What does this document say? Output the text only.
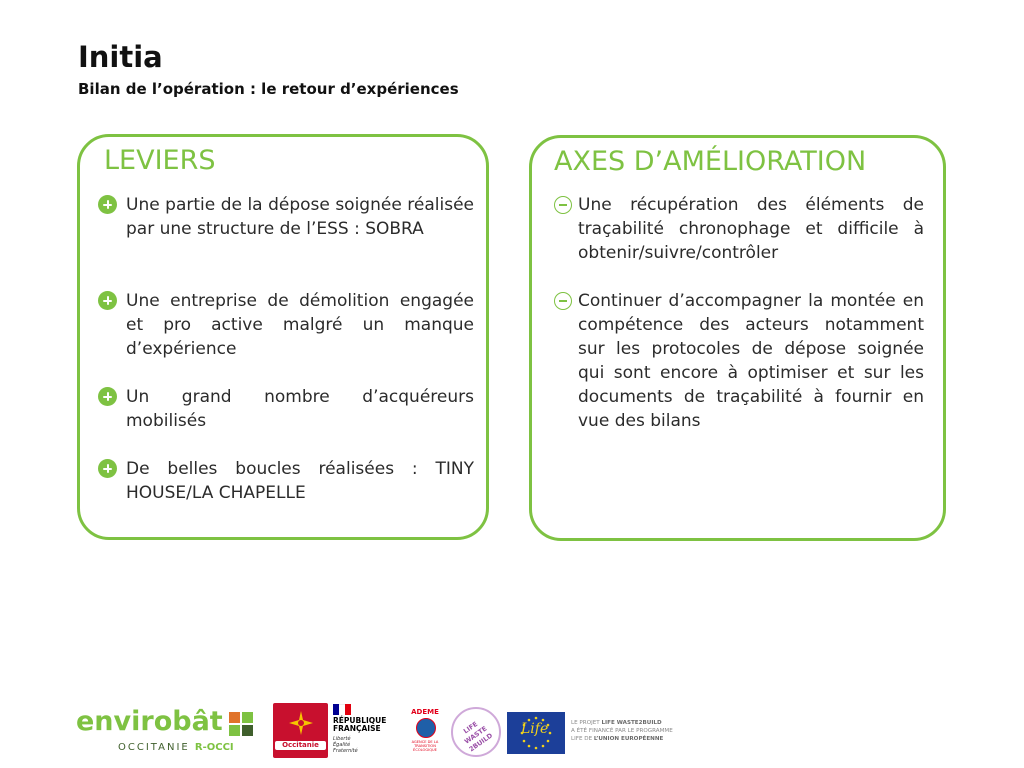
Initia

Bilan de l’opération : le retour d’expériences

LEVIERS
Une partie de la dépose soignée réalisée par une structure de l’ESS : SOBRA
Une entreprise de démolition engagée et pro active malgré un manque d’expérience
Un grand nombre d’acquéreurs mobilisés
De belles boucles réalisées : TINY HOUSE/LA CHAPELLE
AXES D’AMÉLIORATION
Une récupération des éléments de traçabilité chronophage et difficile à obtenir/suivre/contrôler
Continuer d’accompagner la montée en compétence des acteurs notamment sur les protocoles de dépose soignée qui sont encore à optimiser et sur les documents de traçabilité à fournir en vue des bilans
envirobât
OCCITANIE R-OCCI	Occitanie
RÉPUBLIQUE
FRANÇAISE
Liberté
Égalité
Fraternité
ADEME
AGENCE DE LA TRANSITION ÉCOLOGIQUE
LIFE WASTE 2BUILD
Life	LE PROJET LIFE WASTE2BUILD
A ÉTÉ FINANCÉ PAR LE PROGRAMME
LIFE DE L’UNION EUROPÉENNE
